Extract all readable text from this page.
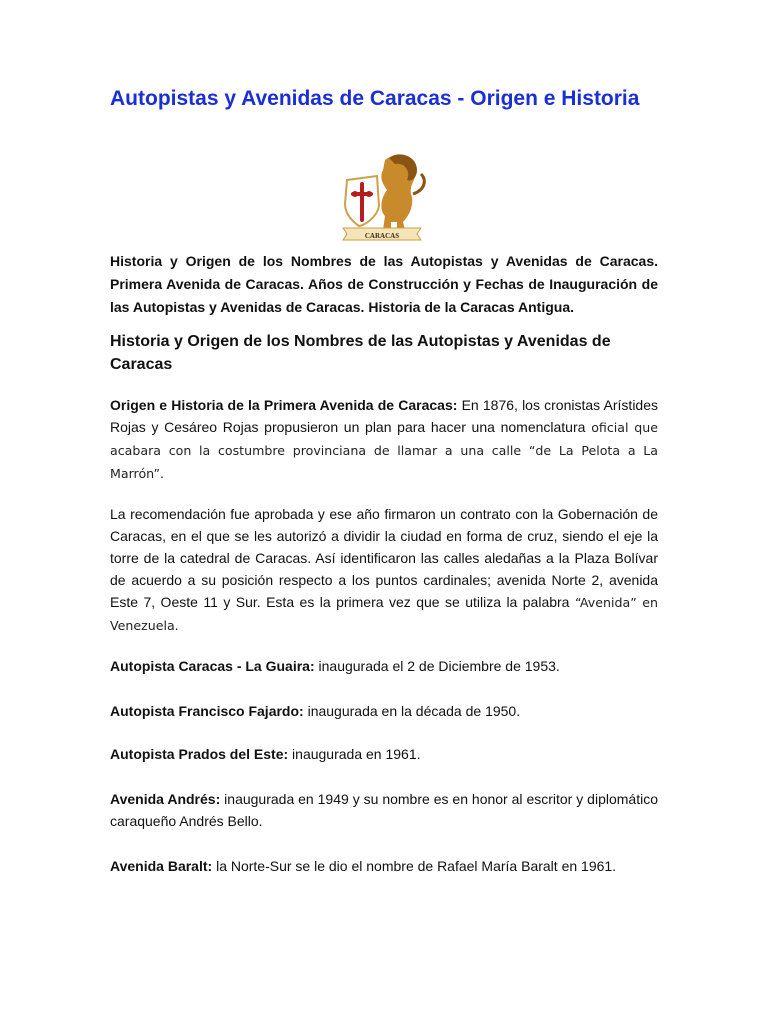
Autopistas y Avenidas de Caracas - Origen e Historia
CARACAS

Historia y Origen de los Nombres de las Autopistas y Avenidas de Caracas. Primera Avenida de Caracas. Años de Construcción y Fechas de Inauguración de las Autopistas y Avenidas de Caracas. Historia de la Caracas Antigua.

Historia y Origen de los Nombres de las Autopistas y Avenidas de Caracas

Origen e Historia de la Primera Avenida de Caracas: En 1876, los cronistas Arístides Rojas y Cesáreo Rojas propusieron un plan para hacer una nomenclatura oficial que acabara con la costumbre provinciana de llamar a una calle “de La Pelota a La Marrón”.

La recomendación fue aprobada y ese año firmaron un contrato con la Gobernación de Caracas, en el que se les autorizó a dividir la ciudad en forma de cruz, siendo el eje la torre de la catedral de Caracas. Así identificaron las calles aledañas a la Plaza Bolívar de acuerdo a su posición respecto a los puntos cardinales; avenida Norte 2, avenida Este 7, Oeste 11 y Sur. Esta es la primera vez que se utiliza la palabra “Avenida” en Venezuela.

Autopista Caracas - La Guaira: inaugurada el 2 de Diciembre de 1953.

Autopista Francisco Fajardo: inaugurada en la década de 1950.

Autopista Prados del Este: inaugurada en 1961.

Avenida Andrés: inaugurada en 1949 y su nombre es en honor al escritor y diplomático caraqueño Andrés Bello.

Avenida Baralt: la Norte-Sur se le dio el nombre de Rafael María Baralt en 1961.
